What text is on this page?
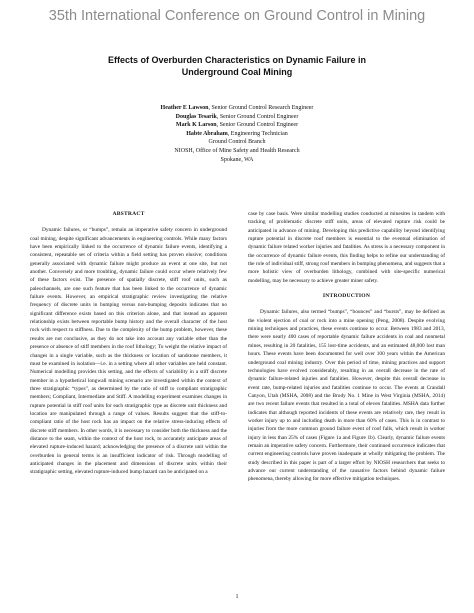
35th International Conference on Ground Control in Mining
Effects of Overburden Characteristics on Dynamic Failure in
Underground Coal Mining
Heather E Lawson, Senior Ground Control Research Engineer
Douglas Tesarik, Senior Ground Control Engineer
Mark K Larson, Senior Ground Control Engineer
Habte Abraham, Engineering Technician
Ground Control Branch
NIOSH, Office of Mine Safety and Health Research
Spokane, WA
ABSTRACT

Dynamic failures, or “bumps”, remain an imperative safety concern in underground coal mining, despite significant advancements in engineering controls. While many factors have been empirically linked to the occurrence of dynamic failure events, identifying a consistent, repeatable set of criteria within a field setting has proven elusive; conditions generally associated with dynamic failure might produce an event at one site, but not another. Conversely and more troubling, dynamic failure could occur where relatively few of these factors exist. The presence of spatially discrete, stiff roof units, such as paleochannels, are one such feature that has been linked to the occurrence of dynamic failure events. However, an empirical stratigraphic review investigating the relative frequency of discrete units in bumping versus non-bumping deposits indicates that no significant difference exists based on this criterion alone, and that instead an apparent relationship exists between reportable bump history and the overall character of the host rock with respect to stiffness. Due to the complexity of the bump problem, however, these results are not conclusive, as they do not take into account any variable other than the presence or absence of stiff members in the roof lithology; To weight the relative impact of changes in a single variable, such as the thickness or location of sandstone members, it must be examined in isolation—i.e. in a setting where all other variables are held constant. Numerical modelling provides this setting, and the effects of variability in a stiff discrete member in a hypothetical longwall mining scenario are investigated within the context of three stratigraphic “types”, as determined by the ratio of stiff to compliant stratigraphic members; Compliant, Intermediate and Stiff. A modelling experiment examines changes in rupture potential in stiff roof units for each stratigraphic type as discrete unit thickness and location are manipulated through a range of values. Results suggest that the stiff-to-compliant ratio of the host rock has an impact on the relative stress-inducing effects of discrete stiff members. In other words, it is necessary to consider both the thickness and the distance to the seam, within the context of the host rock, to accurately anticipate areas of elevated rupture-induced hazard; acknowledging the presence of a discrete unit within the overburden in general terms is an insufficient indicator of risk. Through modelling of anticipated changes in the placement and dimensions of discrete units within their stratigraphic setting, elevated rupture-induced bump hazard can be anticipated on a

case by case basis. Were similar modelling studies conducted at minesites in tandem with tracking of problematic discrete stiff units, areas of elevated rupture risk could be anticipated in advance of mining. Developing this predictive capability beyond identifying rupture potential in discrete roof members is essential to the eventual elimination of dynamic failure related worker injuries and fatalities. As stress is a necessary component in the occurrence of dynamic failure events, this finding helps to refine our understanding of the role of individual stiff, strong roof members in bumping phenomena, and suggests that a more holistic view of overburden lithology, combined with site-specific numerical modelling, may be necessary to achieve greater miner safety.

INTRODUCTION

Dynamic failures, also termed “bumps”, “bounces” and “bursts”, may be defined as the violent ejection of coal or rock into a mine opening (Peng, 2008). Despite evolving mining techniques and practices, these events continue to occur. Between 1983 and 2013, there were nearly 400 cases of reportable dynamic failure accidents in coal and nonmetal mines, resulting in 20 fatalities, 155 lost-time accidents, and an estimated 48,000 lost man hours. These events have been documented for well over 100 years within the American underground coal mining industry. Over this period of time, mining practices and support technologies have evolved considerably, resulting in an overall decrease in the rate of dynamic failure-related injuries and fatalities. However, despite this overall decrease in event rate, bump-related injuries and fatalities continue to occur. The events at Crandall Canyon, Utah (MSHA, 2008) and the Brody No. 1 Mine in West Virginia (MSHA, 2014) are two recent failure events that resulted in a total of eleven fatalities. MSHA data further indicates that although reported incidents of these events are relatively rare, they result in worker injury up to and including death in more than 60% of cases. This is in contrast to injuries from the more common ground failure event of roof falls, which result in worker injury in less than 25% of cases (Figure 1a and Figure 1b). Clearly, dynamic failure events remain an imperative safety concern. Furthermore, their continued occurrence indicates that current engineering controls have proven inadequate at wholly mitigating the problem. The study described in this paper is part of a larger effort by NIOSH researchers that seeks to advance our current understanding of the causative factors behind dynamic failure phenomena, thereby allowing for more effective mitigation techniques.

1
